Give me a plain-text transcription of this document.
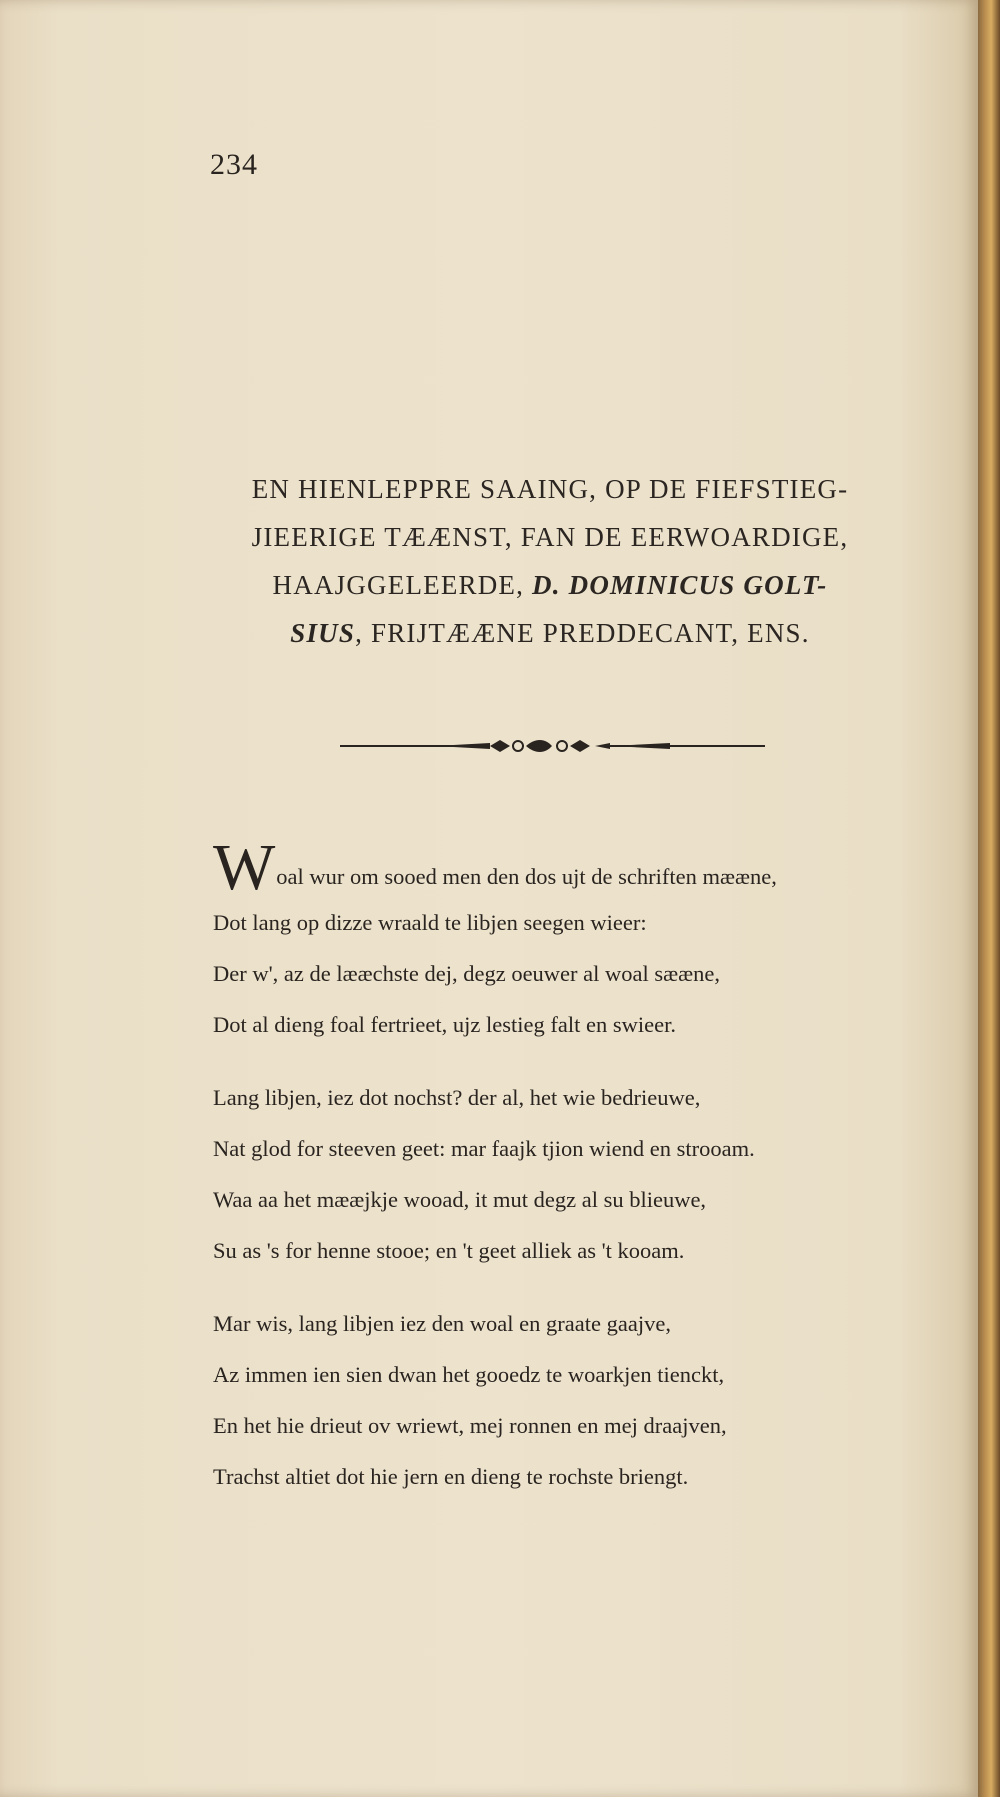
234
EN HIENLEPPRE SAAING, OP DE FIEFSTIEG-
JIEERIGE TÆÆNST, FAN DE EERWOARDIGE,
HAAJGGELEERDE, D. DOMINICUS GOLT-
SIUS, FRIJTÆÆNE PREDDECANT, ENS.
Woal wur om sooed men den dos ujt de schriften mææne,
Dot lang op dizze wraald te libjen seegen wieer:
Der w', az de lææchste dej, degz oeuwer al woal sææne,
Dot al dieng foal fertrieet, ujz lestieg falt en swieer.
Lang libjen, iez dot nochst? der al, het wie bedrieuwe,
Nat glod for steeven geet: mar faajk tjion wiend en strooam.
Waa aa het mææjkje wooad, it mut degz al su blieuwe,
Su as 's for henne stooe; en 't geet alliek as 't kooam.
Mar wis, lang libjen iez den woal en graate gaajve,
Az immen ien sien dwan het gooedz te woarkjen tienckt,
En het hie drieut ov wriewt, mej ronnen en mej draajven,
Trachst altiet dot hie jern en dieng te rochste briengt.
